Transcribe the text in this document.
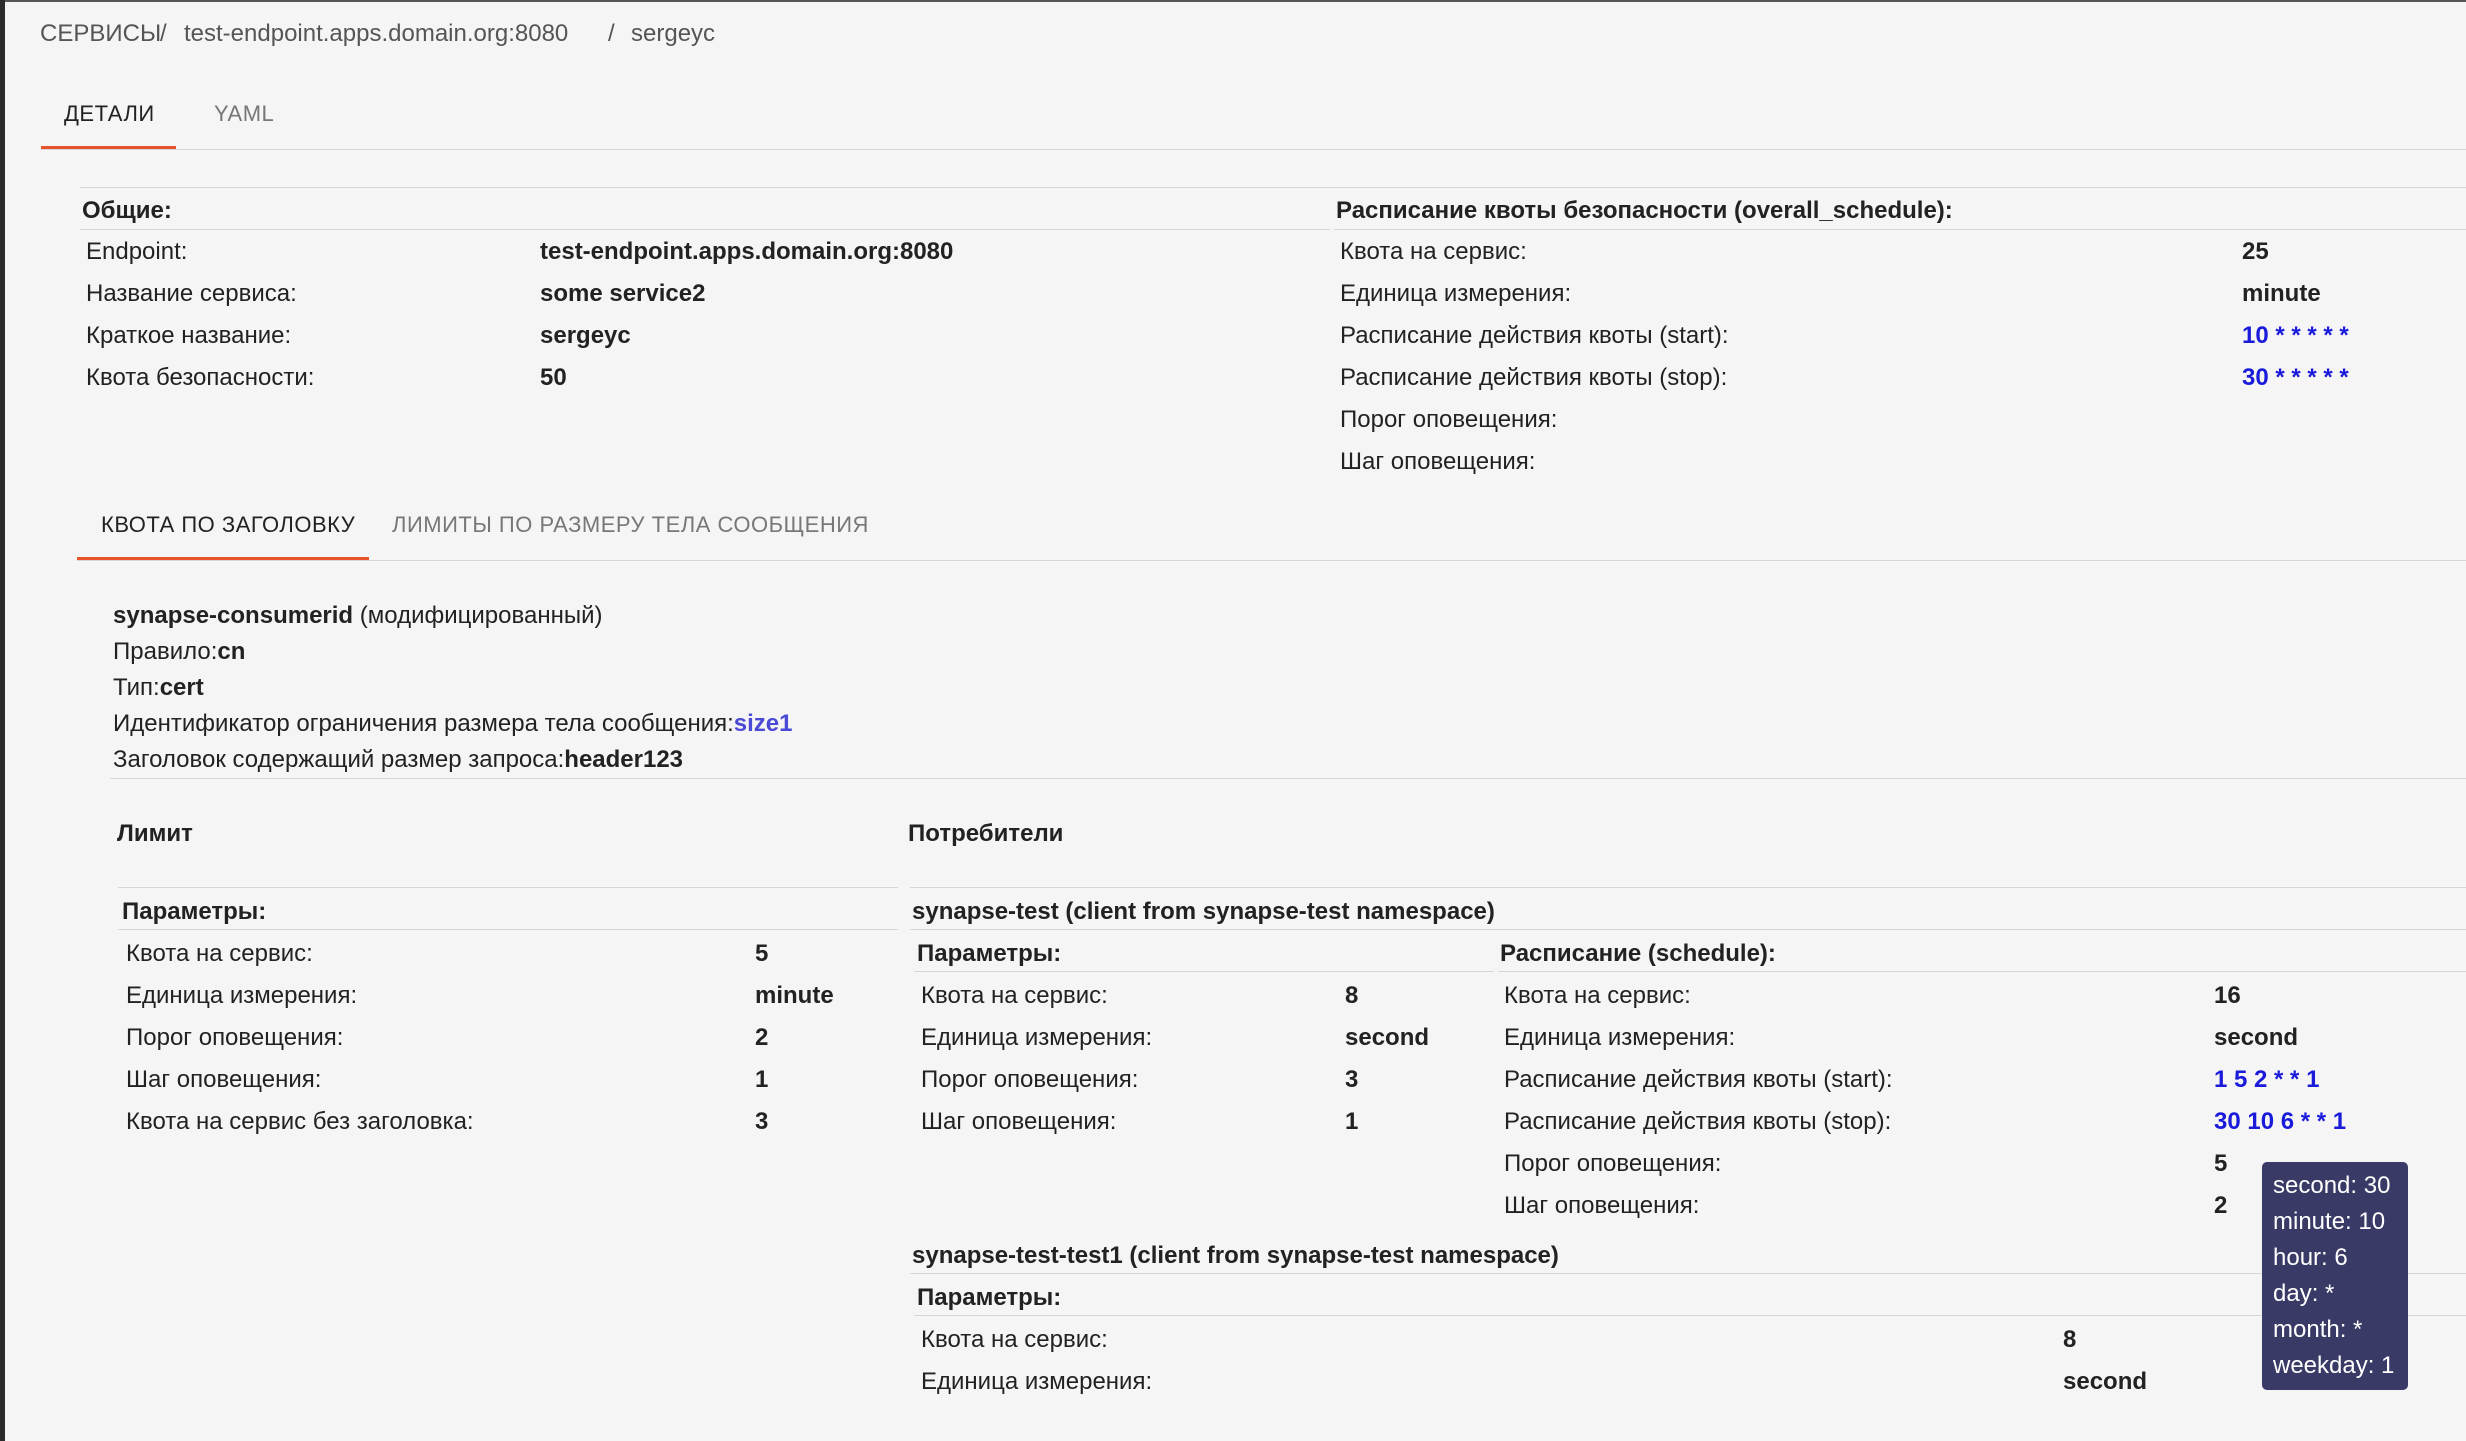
СЕРВИСЫ
/ test-endpoint.apps.domain.org:8080 / sergeyc
ДЕТАЛИ	YAML
Общие:
Endpoint:	test-endpoint.apps.domain.org:8080
Название сервиса:	some service2
Краткое название:	sergeyc
Квота безопасности:	50
Расписание квоты безопасности (overall_schedule):
Квота на сервис:	25
Единица измерения:	minute
Расписание действия квоты (start):	10 * * * * *
Расписание действия квоты (stop):	30 * * * * *
Порог оповещения:
Шаг оповещения:
КВОТА ПО ЗАГОЛОВКУ ЛИМИТЫ ПО РАЗМЕРУ ТЕЛА СООБЩЕНИЯ
synapse-consumerid (модифицированный)
Правило:cn
Тип:cert
Идентификатор ограничения размера тела сообщения:size1
Заголовок содержащий размер запроса:header123
Лимит
Параметры:
Квота на сервис:	5
Единица измерения:	minute
Порог оповещения:	2
Шаг оповещения:	1
Квота на сервис без заголовка:	3
Потребители
synapse-test (client from synapse-test namespace)
Параметры:
Квота на сервис:	8
Единица измерения:	second
Порог оповещения:	3
Шаг оповещения:	1
Расписание (schedule):
Квота на сервис:	16
Единица измерения:	second
Расписание действия квоты (start):	1 5 2 * * 1
Расписание действия квоты (stop):	30 10 6 * * 1
Порог оповещения:	5
Шаг оповещения:	2
synapse-test-test1 (client from synapse-test namespace)
Параметры:
Квота на сервис:	8
Единица измерения:	second
second: 30
minute: 10
hour: 6
day: *
month: *
weekday: 1
